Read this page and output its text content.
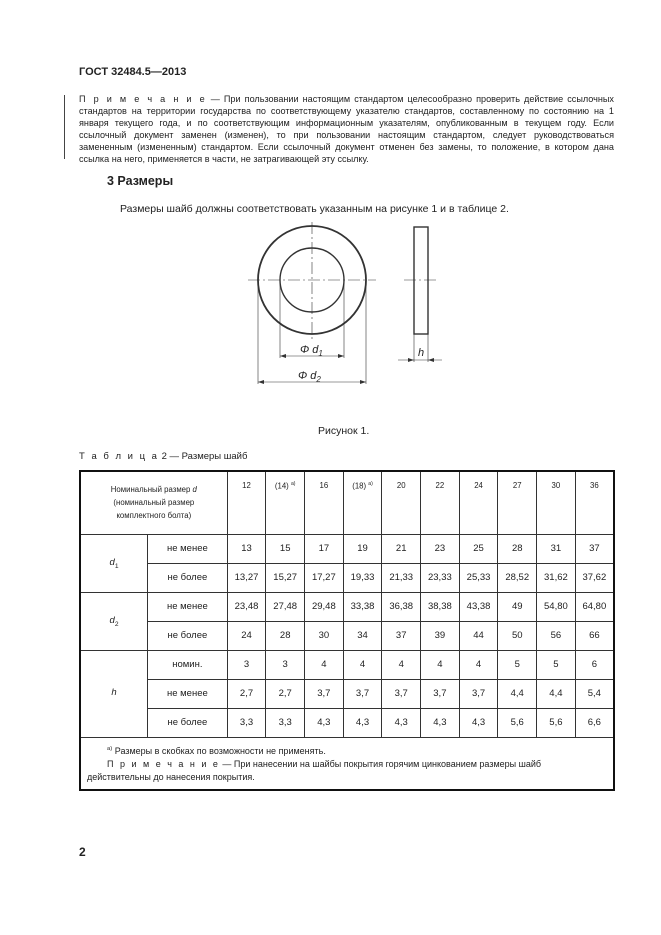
ГОСТ 32484.5—2013
П р и м е ч а н и е — При пользовании настоящим стандартом целесообразно проверить действие ссылочных стандартов на территории государства по соответствующему указателю стандартов, составленному по состоянию на 1 января текущего года, и по соответствующим информационным указателям, опубликованным в текущем году. Если ссылочный документ заменен (изменен), то при пользовании настоящим стандартом, следует руководствоваться замененным (измененным) стандартом. Если ссылочный документ отменен без замены, то положение, в котором дана ссылка на него, применяется в части, не затрагивающей эту ссылку.
3 Размеры
Размеры шайб должны соответствовать указанным на рисунке 1 и в таблице 2.
Φ $d_1$
Φ $d_2$
h
Рисунок 1.
Т а б л и ц а 2 — Размеры шайб
Номинальный размер d
(номинальный размер
комплектного болта)		12	(14) $^{а)}$	16	(18) $^{а)}$	20	22	24	27	30	36
$d_1$	не менее	13	15	17	19	21	23	25	28	31	37
	не более	13,27	15,27	17,27	19,33	21,33	23,33	25,33	28,52	31,62	37,62
$d_2$	не менее	23,48	27,48	29,48	33,38	36,38	38,38	43,38	49	54,80	64,80
	не более	24	28	30	34	37	39	44	50	56	66
h	номин.	3	3	4	4	4	4	4	5	5	6
	не менее	2,7	2,7	3,7	3,7	3,7	3,7	3,7	4,4	4,4	5,4
	не более	3,3	3,3	4,3	4,3	4,3	4,3	4,3	5,6	5,6	6,6
$^{а)}$ Размеры в скобках по возможности не применять.
П р и м е ч а н и е — При нанесении на шайбы покрытия горячим цинкованием размеры шайб действительны до нанесения покрытия.											
2
